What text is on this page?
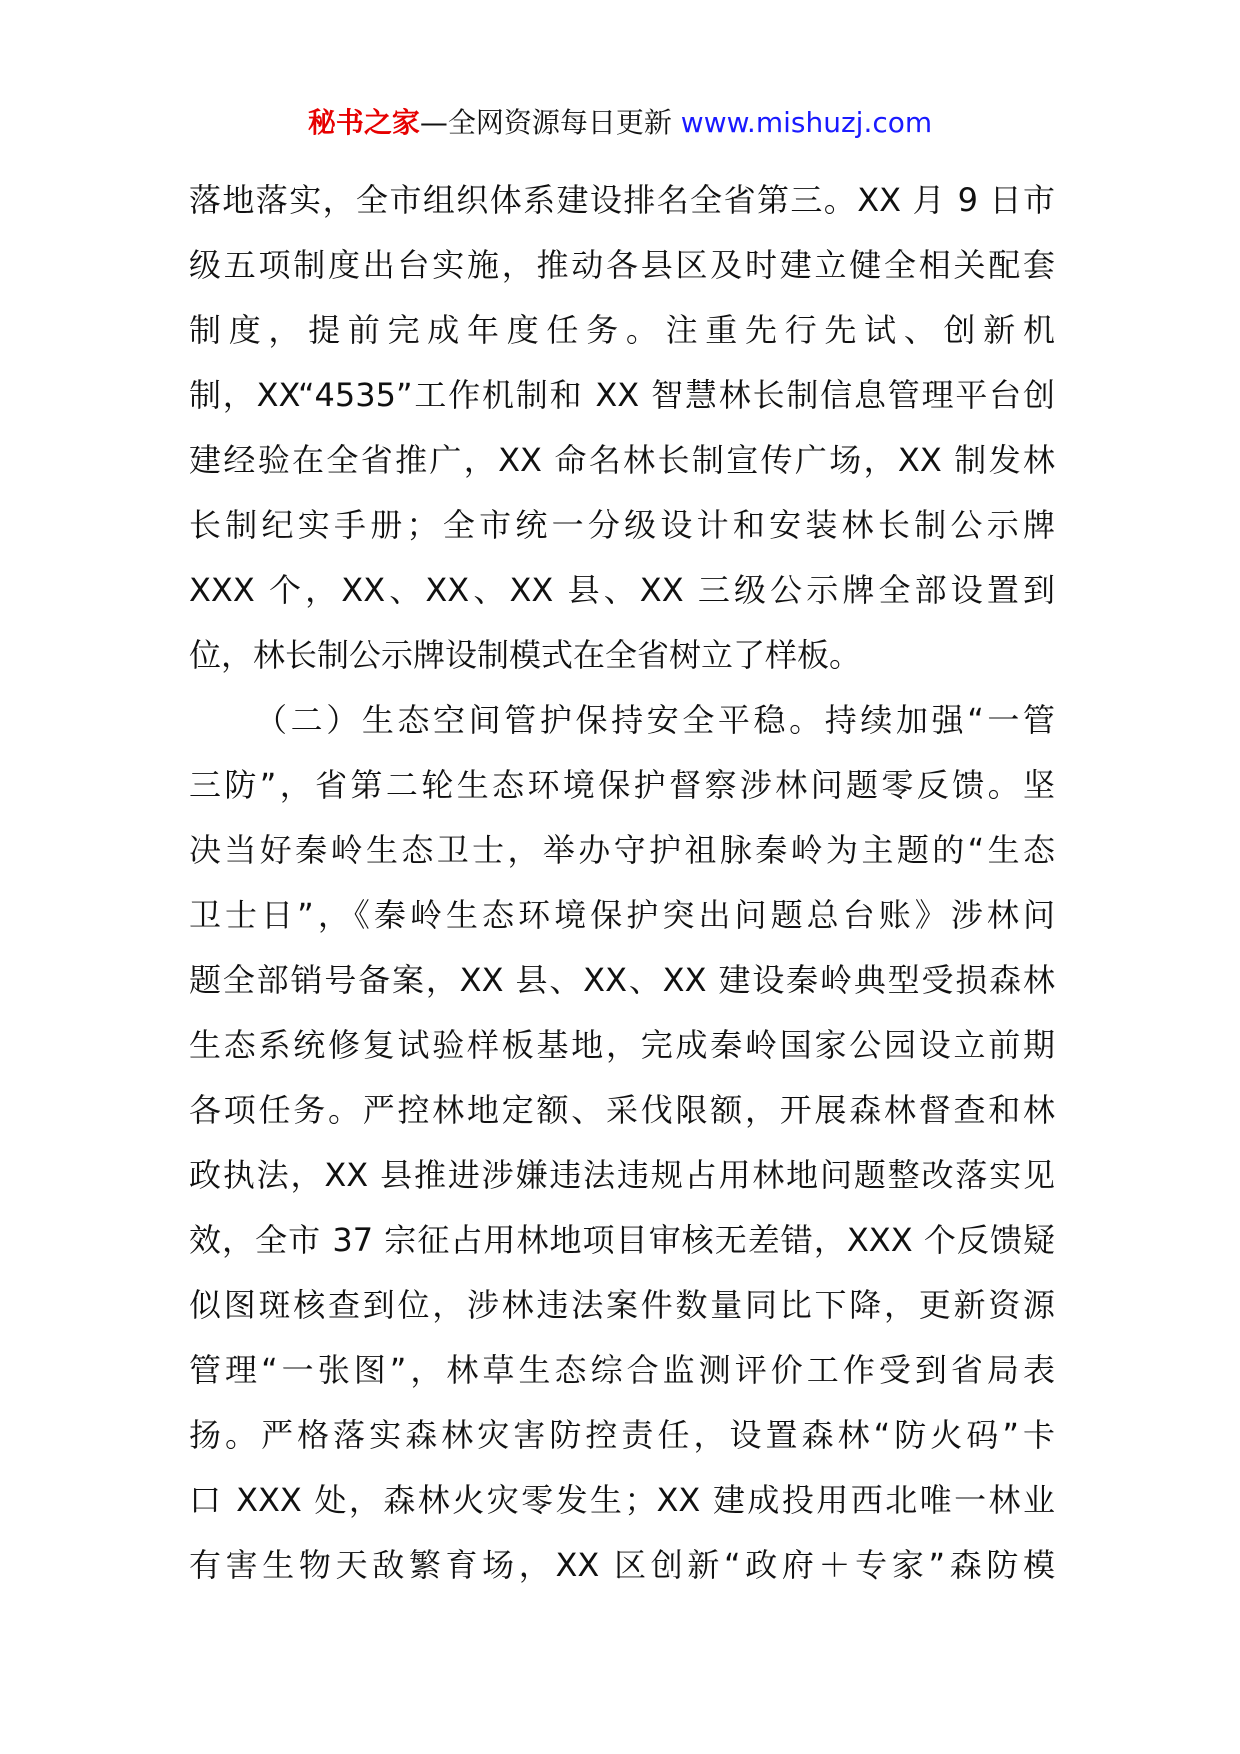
秘书之家—全网资源每日更新 www.mishuzj.com
落地落实，全市组织体系建设排名全省第三。XX 月 9 日市
级五项制度出台实施，推动各县区及时建立健全相关配套
制度，提前完成年度任务。注重先行先试、创新机
制，XX“4535”工作机制和 XX 智慧林长制信息管理平台创
建经验在全省推广，XX 命名林长制宣传广场，XX 制发林
长制纪实手册；全市统一分级设计和安装林长制公示牌
XXX 个，XX、XX、XX 县、XX 三级公示牌全部设置到
位，林长制公示牌设制模式在全省树立了样板。
（二）生态空间管护保持安全平稳。持续加强“一管
三防”，省第二轮生态环境保护督察涉林问题零反馈。坚
决当好秦岭生态卫士，举办守护祖脉秦岭为主题的“生态
卫士日”，《秦岭生态环境保护突出问题总台账》涉林问
题全部销号备案，XX 县、XX、XX 建设秦岭典型受损森林
生态系统修复试验样板基地，完成秦岭国家公园设立前期
各项任务。严控林地定额、采伐限额，开展森林督查和林
政执法，XX 县推进涉嫌违法违规占用林地问题整改落实见
效，全市 37 宗征占用林地项目审核无差错，XXX 个反馈疑
似图斑核查到位，涉林违法案件数量同比下降，更新资源
管理“一张图”，林草生态综合监测评价工作受到省局表
扬。严格落实森林灾害防控责任，设置森林“防火码”卡
口 XXX 处，森林火灾零发生；XX 建成投用西北唯一林业
有害生物天敌繁育场，XX 区创新“政府＋专家”森防模
